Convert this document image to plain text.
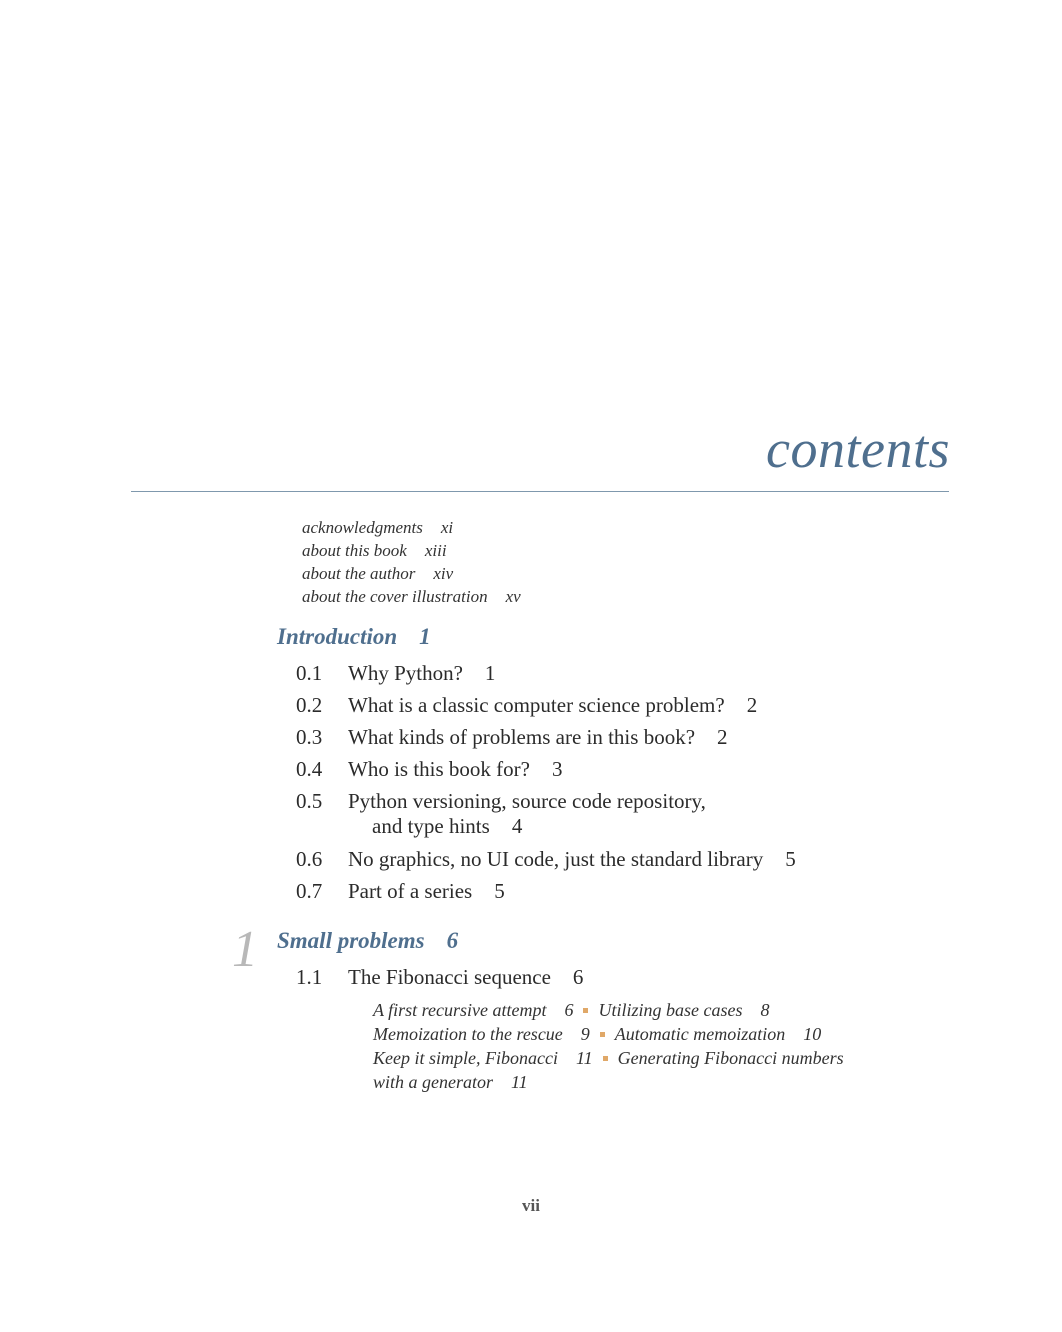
contents
acknowledgments xi
about this book xiii
about the author xiv
about the cover illustration xv
Introduction 1
0.1 Why Python? 1
0.2 What is a classic computer science problem? 2
0.3 What kinds of problems are in this book? 2
0.4 Who is this book for? 3
0.5 Python versioning, source code repository,
and type hints 4
0.6 No graphics, no UI code, just the standard library 5
0.7 Part of a series 5
1 Small problems 6
1.1 The Fibonacci sequence 6
A first recursive attempt 6 Utilizing base cases 8
Memoization to the rescue 9 Automatic memoization 10
Keep it simple, Fibonacci 11 Generating Fibonacci numbers
with a generator 11
vii
